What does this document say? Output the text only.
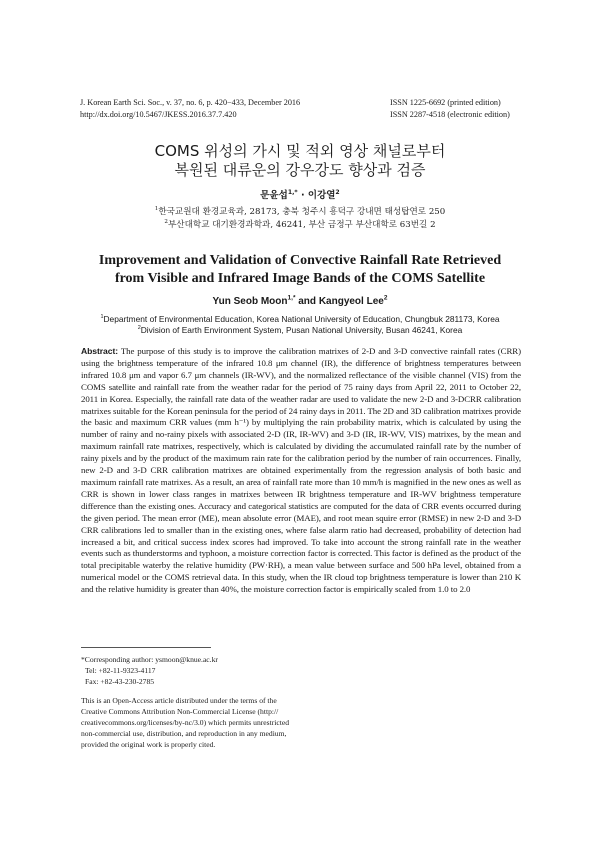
J. Korean Earth Sci. Soc., v. 37, no. 6, p. 420−433, December 2016
http://dx.doi.org/10.5467/JKESS.2016.37.7.420
ISSN 1225-6692 (printed edition)
ISSN 2287-4518 (electronic edition)
COMS 위성의 가시 및 적외 영상 채널로부터
복원된 대류운의 강우강도 향상과 검증
문윤섭$^{1,*}$ · 이강열$^2$
$^1$한국교원대 환경교육과, 28173, 충북 청주시 흥덕구 강내면 태성탑연로 250
$^2$부산대학교 대기환경과학과, 46241, 부산 금정구 부산대학로 63번길 2
Improvement and Validation of Convective Rainfall Rate Retrieved
from Visible and Infrared Image Bands of the COMS Satellite
Yun Seob Moon$^{1,*}$ and Kangyeol Lee$^2$
$^1$Department of Environmental Education, Korea National University of Education, Chungbuk 281173, Korea
$^2$Division of Earth Environment System, Pusan National University, Busan 46241, Korea
Abstract: The purpose of this study is to improve the calibration matrixes of 2-D and 3-D convective rainfall rates (CRR) using the brightness temperature of the infrared 10.8 μm channel (IR), the difference of brightness temperatures between infrared 10.8 μm and vapor 6.7 μm channels (IR-WV), and the normalized reflectance of the visible channel (VIS) from the COMS satellite and rainfall rate from the weather radar for the period of 75 rainy days from April 22, 2011 to October 22, 2011 in Korea. Especially, the rainfall rate data of the weather radar are used to validate the new 2-D and 3-DCRR calibration matrixes suitable for the Korean peninsula for the period of 24 rainy days in 2011. The 2D and 3D calibration matrixes provide the basic and maximum CRR values (mm h⁻¹) by multiplying the rain probability matrix, which is calculated by using the number of rainy and no-rainy pixels with associated 2-D (IR, IR-WV) and 3-D (IR, IR-WV, VIS) matrixes, by the mean and maximum rainfall rate matrixes, respectively, which is calculated by dividing the accumulated rainfall rate by the number of rainy pixels and by the product of the maximum rain rate for the calibration period by the number of rain occurrences. Finally, new 2-D and 3-D CRR calibration matrixes are obtained experimentally from the regression analysis of both basic and maximum rainfall rate matrixes. As a result, an area of rainfall rate more than 10 mm/h is magnified in the new ones as well as CRR is shown in lower class ranges in matrixes between IR brightness temperature and IR-WV brightness temperature difference than the existing ones. Accuracy and categorical statistics are computed for the data of CRR events occurred during the given period. The mean error (ME), mean absolute error (MAE), and root mean squire error (RMSE) in new 2-D and 3-D CRR calibrations led to smaller than in the existing ones, where false alarm ratio had decreased, probability of detection had increased a bit, and critical success index scores had improved. To take into account the strong rainfall rate in the weather events such as thunderstorms and typhoon, a moisture correction factor is corrected. This factor is defined as the product of the total precipitable waterby the relative humidity (PW·RH), a mean value between surface and 500 hPa level, obtained from a numerical model or the COMS retrieval data. In this study, when the IR cloud top brightness temperature is lower than 210 K and the relative humidity is greater than 40%, the moisture correction factor is empirically scaled from 1.0 to 2.0
*Corresponding author: ysmoon@knue.ac.kr
Tel: +82-11-9323-4117
Fax: +82-43-230-2785
This is an Open-Access article distributed under the terms of the
Creative Commons Attribution Non-Commercial License (http://
creativecommons.org/licenses/by-nc/3.0) which permits unrestricted
non-commercial use, distribution, and reproduction in any medium,
provided the original work is properly cited.
